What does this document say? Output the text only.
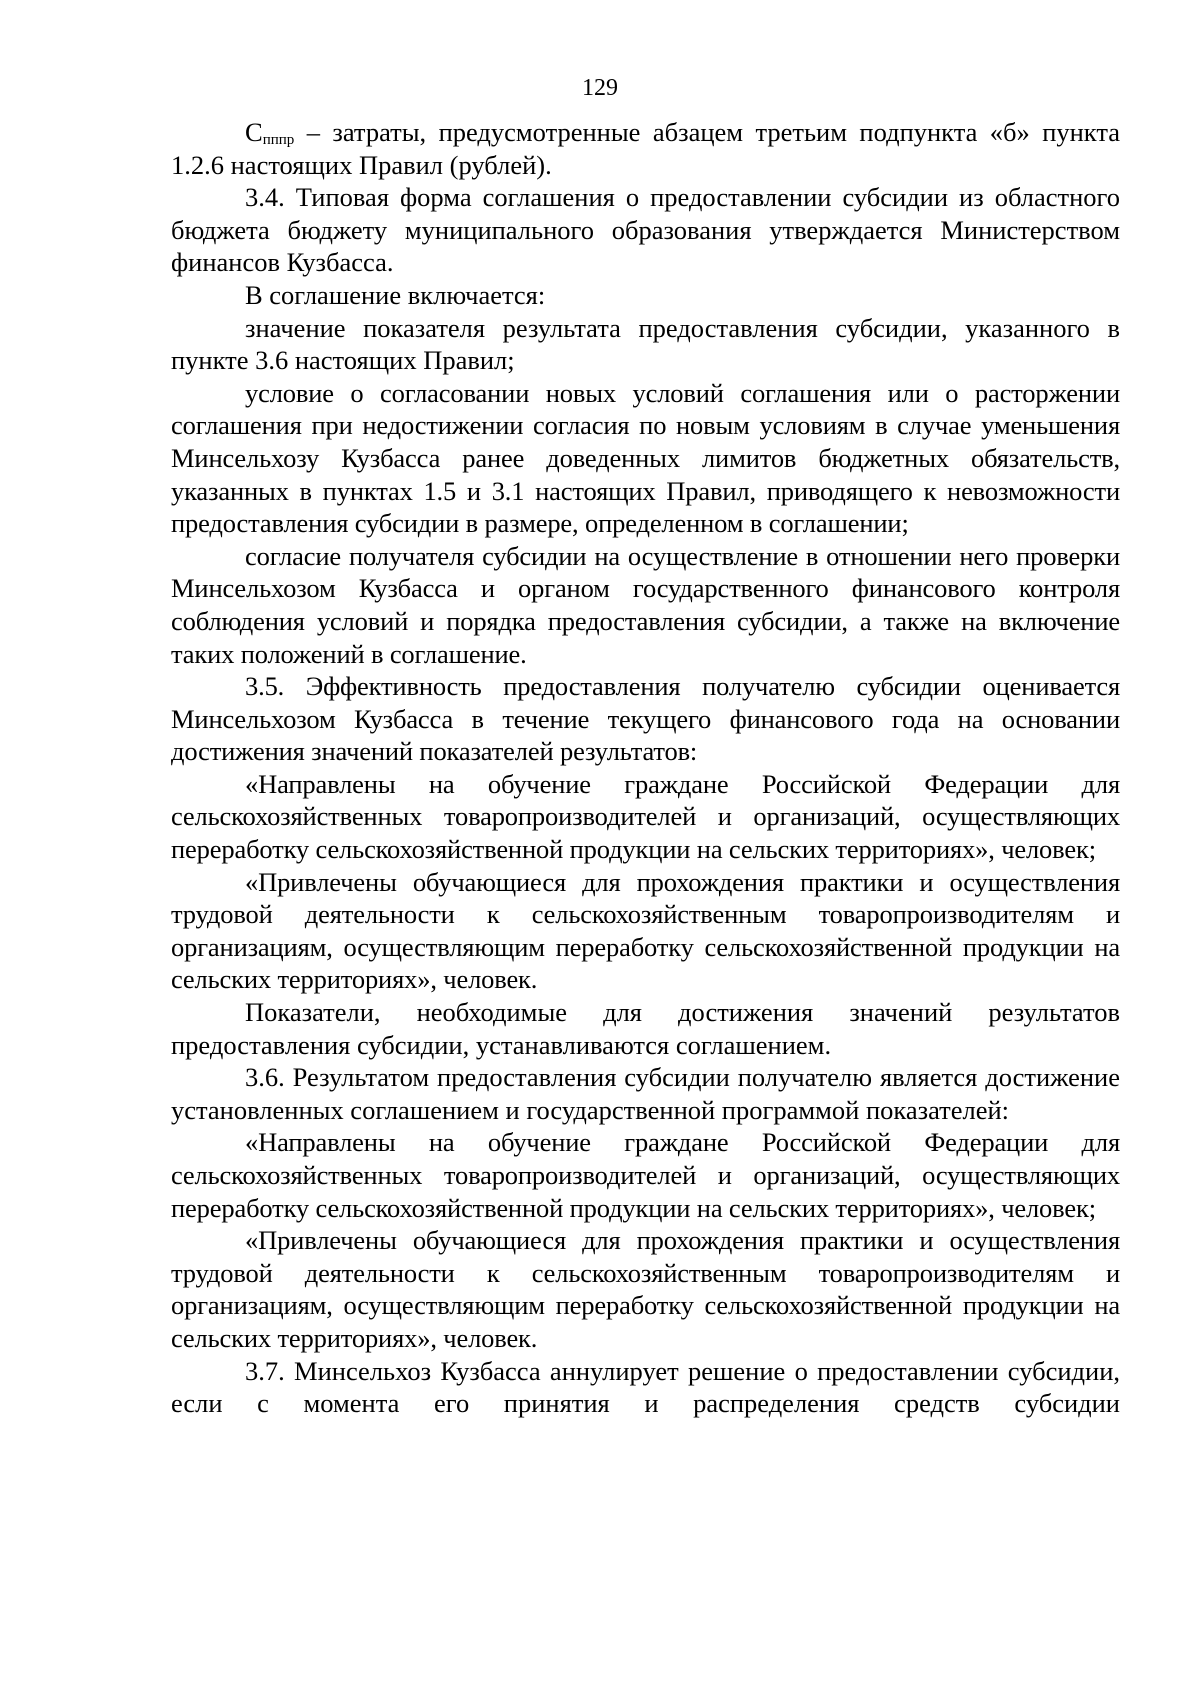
129

$С_{пппр}$ – затраты, предусмотренные абзацем третьим подпункта «б» пункта 1.2.6 настоящих Правил (рублей).

3.4. Типовая форма соглашения о предоставлении субсидии из областного бюджета бюджету муниципального образования утверждается Министерством финансов Кузбасса.

В соглашение включается:

значение показателя результата предоставления субсидии, указанного в пункте 3.6 настоящих Правил;

условие о согласовании новых условий соглашения или о расторжении соглашения при недостижении согласия по новым условиям в случае уменьшения Минсельхозу Кузбасса ранее доведенных лимитов бюджетных обязательств, указанных в пунктах 1.5 и 3.1 настоящих Правил, приводящего к невозможности предоставления субсидии в размере, определенном в соглашении;

согласие получателя субсидии на осуществление в отношении него проверки Минсельхозом Кузбасса и органом государственного финансового контроля соблюдения условий и порядка предоставления субсидии, а также на включение таких положений в соглашение.

3.5. Эффективность предоставления получателю субсидии оценивается Минсельхозом Кузбасса в течение текущего финансового года на основании достижения значений показателей результатов:

«Направлены на обучение граждане Российской Федерации для сельскохозяйственных товаропроизводителей и организаций, осуществляющих переработку сельскохозяйственной продукции на сельских территориях», человек;

«Привлечены обучающиеся для прохождения практики и осуществления трудовой деятельности к сельскохозяйственным товаропроизводителям и организациям, осуществляющим переработку сельскохозяйственной продукции на сельских территориях», человек.

Показатели, необходимые для достижения значений результатов предоставления субсидии, устанавливаются соглашением.

3.6. Результатом предоставления субсидии получателю является достижение установленных соглашением и государственной программой показателей:

«Направлены на обучение граждане Российской Федерации для сельскохозяйственных товаропроизводителей и организаций, осуществляющих переработку сельскохозяйственной продукции на сельских территориях», человек;

«Привлечены обучающиеся для прохождения практики и осуществления трудовой деятельности к сельскохозяйственным товаропроизводителям и организациям, осуществляющим переработку сельскохозяйственной продукции на сельских территориях», человек.

3.7. Минсельхоз Кузбасса аннулирует решение о предоставлении субсидии, если с момента его принятия и распределения средств субсидии
